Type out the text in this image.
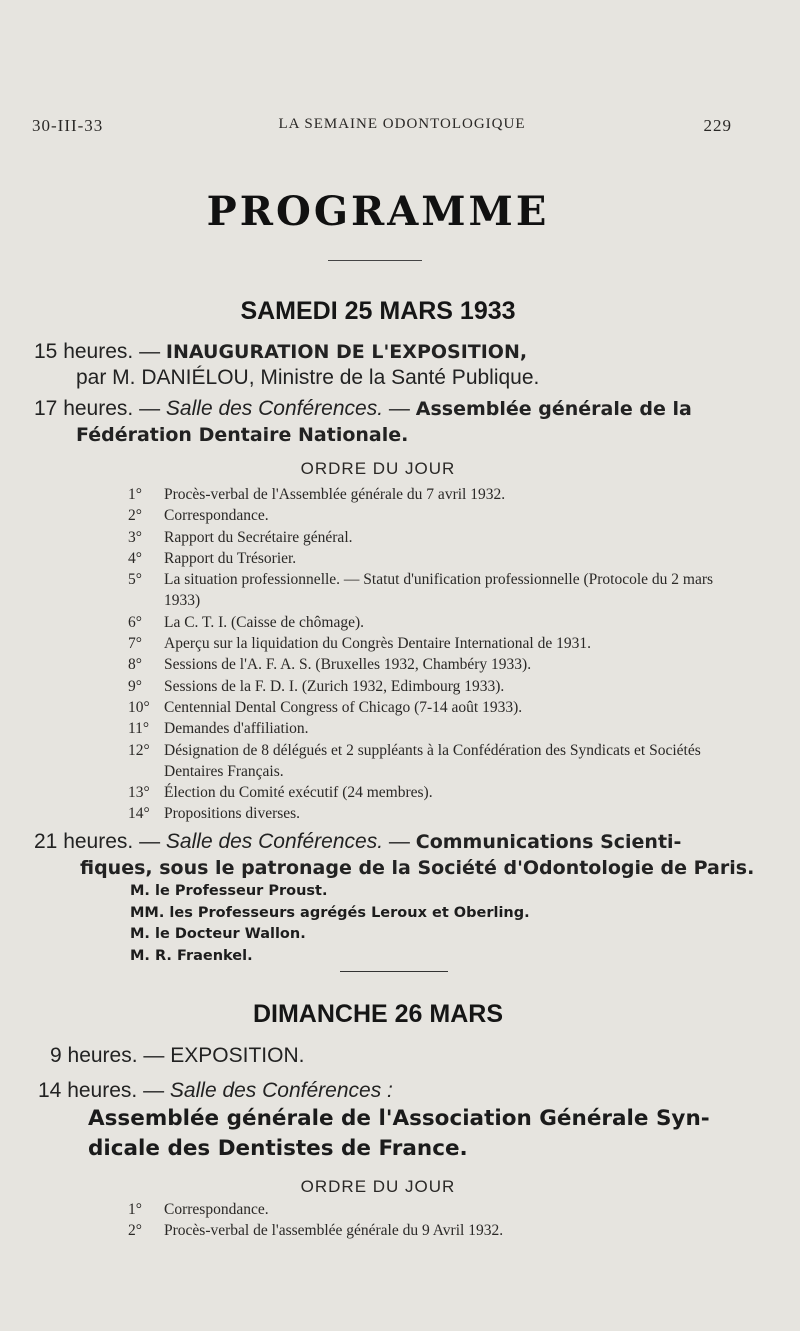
30-III-33	LA SEMAINE ODONTOLOGIQUE	229
PROGRAMME
SAMEDI 25 MARS 1933
15 heures. — INAUGURATION DE L'EXPOSITION,
par M. DANIÉLOU, Ministre de la Santé Publique.
17 heures. — Salle des Conférences. — Assemblée générale de la
Fédération Dentaire Nationale.
ORDRE DU JOUR
1° Procès-verbal de l'Assemblée générale du 7 avril 1932.
2° Correspondance.
3° Rapport du Secrétaire général.
4° Rapport du Trésorier.
5° La situation professionnelle. — Statut d'unification professionnelle (Protocole du 2 mars 1933)
6° La C. T. I. (Caisse de chômage).
7° Aperçu sur la liquidation du Congrès Dentaire International de 1931.
8° Sessions de l'A. F. A. S. (Bruxelles 1932, Chambéry 1933).
9° Sessions de la F. D. I. (Zurich 1932, Edimbourg 1933).
10° Centennial Dental Congress of Chicago (7-14 août 1933).
11° Demandes d'affiliation.
12° Désignation de 8 délégués et 2 suppléants à la Confédération des Syndicats et Sociétés Dentaires Français.
13° Élection du Comité exécutif (24 membres).
14° Propositions diverses.
21 heures. — Salle des Conférences. — Communications Scienti-
fiques, sous le patronage de la Société d'Odontologie de Paris.
M. le Professeur Proust.
MM. les Professeurs agrégés Leroux et Oberling.
M. le Docteur Wallon.
M. R. Fraenkel.
DIMANCHE 26 MARS
9 heures. — EXPOSITION.
14 heures. — Salle des Conférences :
Assemblée générale de l'Association Générale Syn-
dicale des Dentistes de France.
ORDRE DU JOUR
1° Correspondance.
2° Procès-verbal de l'assemblée générale du 9 Avril 1932.
